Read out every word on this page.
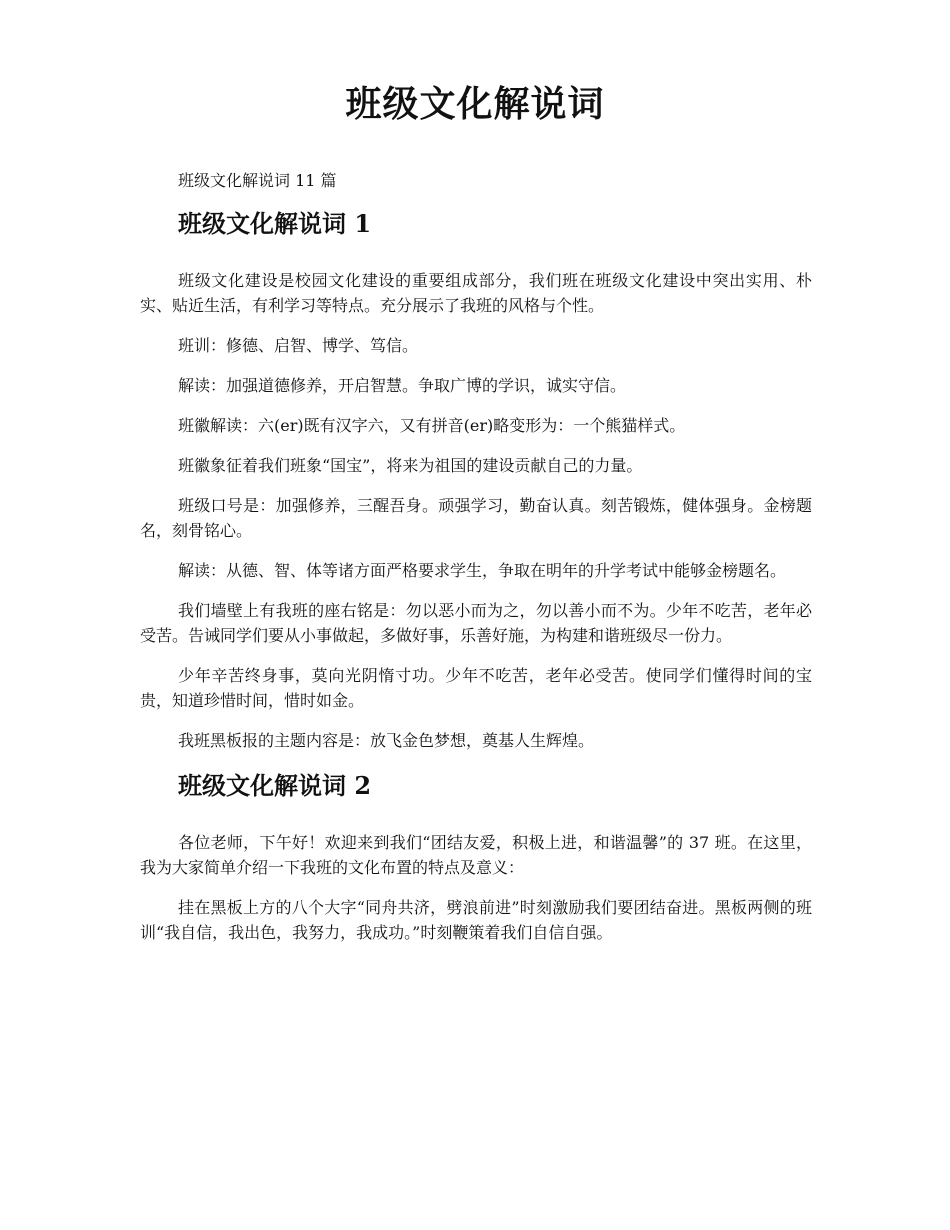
班级文化解说词

班级文化解说词 11 篇

班级文化解说词 1

班级文化建设是校园文化建设的重要组成部分，我们班在班级文化建设中突出实用、朴实、贴近生活，有利学习等特点。充分展示了我班的风格与个性。

班训：修德、启智、博学、笃信。

解读：加强道德修养，开启智慧。争取广博的学识，诚实守信。

班徽解读：六(er)既有汉字六，又有拼音(er)略变形为：一个熊猫样式。

班徽象征着我们班象“国宝”，将来为祖国的建设贡献自己的力量。

班级口号是：加强修养，三醒吾身。顽强学习，勤奋认真。刻苦锻炼，健体强身。金榜题名，刻骨铭心。

解读：从德、智、体等诸方面严格要求学生，争取在明年的升学考试中能够金榜题名。

我们墙壁上有我班的座右铭是：勿以恶小而为之，勿以善小而不为。少年不吃苦，老年必受苦。告诫同学们要从小事做起，多做好事，乐善好施，为构建和谐班级尽一份力。

少年辛苦终身事，莫向光阴惰寸功。少年不吃苦，老年必受苦。使同学们懂得时间的宝贵，知道珍惜时间，惜时如金。

我班黑板报的主题内容是：放飞金色梦想，奠基人生辉煌。

班级文化解说词 2

各位老师，下午好！欢迎来到我们“团结友爱，积极上进，和谐温馨”的 37 班。在这里，我为大家简单介绍一下我班的文化布置的特点及意义：

挂在黑板上方的八个大字“同舟共济，劈浪前进”时刻激励我们要团结奋进。黑板两侧的班训“我自信，我出色，我努力，我成功。”时刻鞭策着我们自信自强。
